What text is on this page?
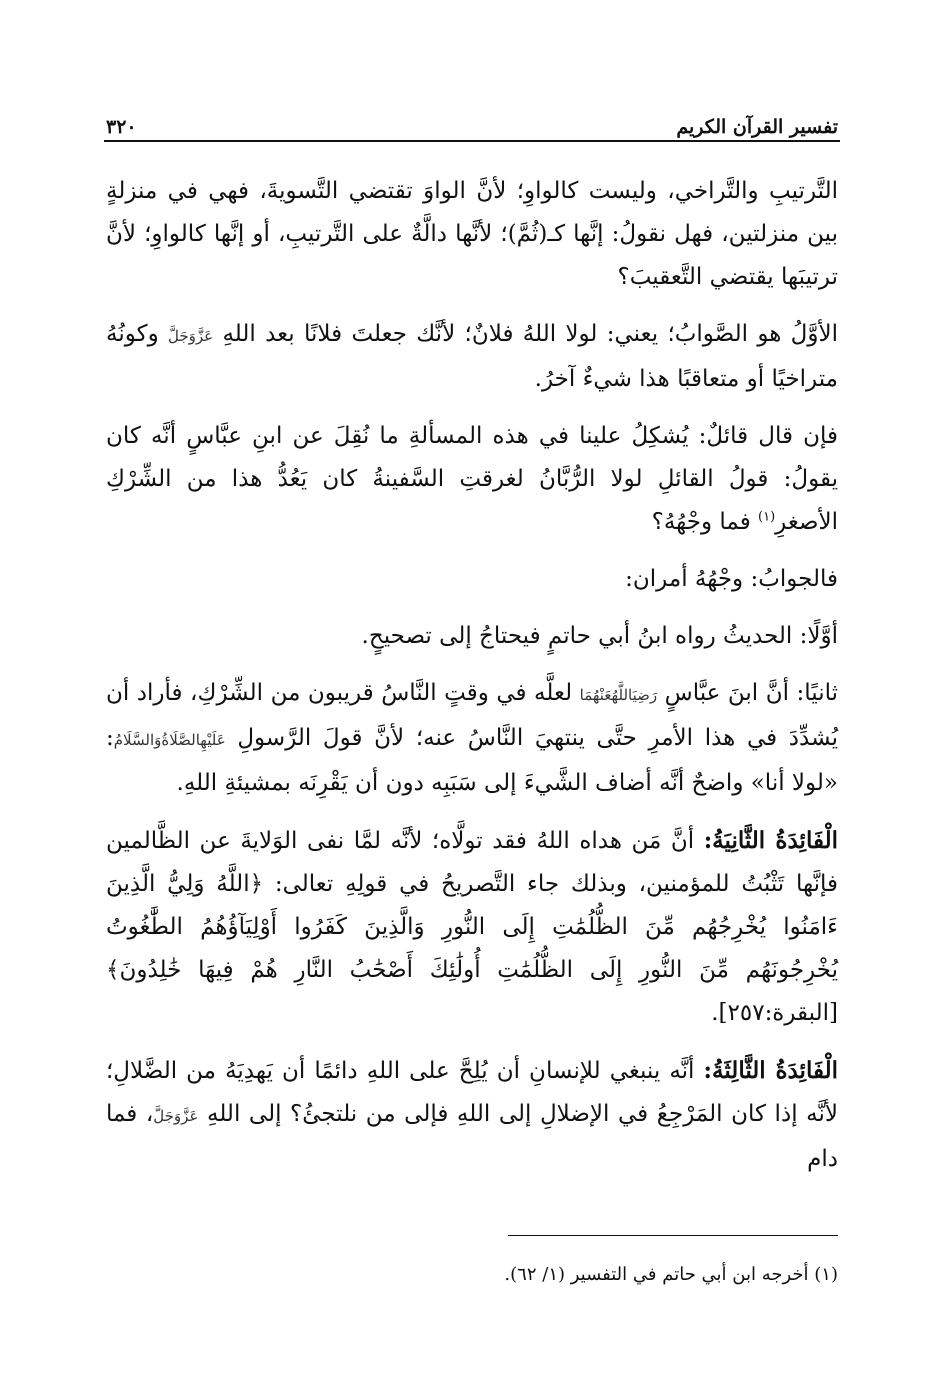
تفسير القرآن الكريم
٣٢٠

التَّرتيبِ والتَّراخي، وليست كالواوِ؛ لأنَّ الواوَ تقتضي التَّسويةَ، فهي في منزلةٍ بين منزلتين، فهل نقولُ: إنَّها كـ(ثُمَّ)؛ لأنَّها دالَّةٌ على التَّرتيبِ، أو إنَّها كالواوِ؛ لأنَّ ترتيبَها يقتضي التَّعقيبَ؟

الأوَّلُ هو الصَّوابُ؛ يعني: لولا اللهُ فلانٌ؛ لأنَّك جعلتَ فلانًا بعد اللهِ عَزَّوَجَلَّ وكونُهُ متراخيًا أو متعاقبًا هذا شيءٌ آخرُ.

فإن قال قائلٌ: يُشكِلُ علينا في هذه المسألةِ ما نُقِلَ عن ابنِ عبَّاسٍ أنَّه كان يقولُ: قولُ القائلِ لولا الرُّبَّانُ لغرقتِ السَّفينةُ كان يَعُدُّ هذا من الشِّرْكِ الأصغرِ$^{(١)}$ فما وجْهُهُ؟

فالجوابُ: وجْهُهُ أمران:

أوَّلًا: الحديثُ رواه ابنُ أبي حاتمٍ فيحتاجُ إلى تصحيحٍ.

ثانيًا: أنَّ ابنَ عبَّاسٍ رَضِيَاللَّهُعَنْهُمَا لعلَّه في وقتٍ النَّاسُ قريبون من الشِّرْكِ، فأراد أن يُشدِّدَ في هذا الأمرِ حتَّى ينتهيَ النَّاسُ عنه؛ لأنَّ قولَ الرَّسولِ عَلَيْهِالصَّلَاةُوَالسَّلَامُ: «لولا أنا» واضحٌ أنَّه أضاف الشَّيءَ إلى سَبَبِه دون أن يَقْرِنَه بمشيئةِ اللهِ.

الْفَائِدَةُ الثَّانِيَةُ: أنَّ مَن هداه اللهُ فقد تولَّاه؛ لأنَّه لمَّا نفى الوَلايةَ عن الظَّالمين فإنَّها تَثْبُتُ للمؤمنين، وبذلك جاء التَّصريحُ في قولِهِ تعالى: ﴿اللَّهُ وَلِيُّ الَّذِينَ ءَامَنُوا يُخْرِجُهُم مِّنَ الظُّلُمَٰتِ إِلَى النُّورِ وَالَّذِينَ كَفَرُوا أَوْلِيَآؤُهُمُ الطَّٰغُوتُ يُخْرِجُونَهُم مِّنَ النُّورِ إِلَى الظُّلُمَٰتِ أُولَٰئِكَ أَصْحَٰبُ النَّارِ هُمْ فِيهَا خَٰلِدُونَ﴾ [البقرة:٢٥٧].

الْفَائِدَةُ الثَّالِثَةُ: أنَّه ينبغي للإنسانِ أن يُلِحَّ على اللهِ دائمًا أن يَهدِيَهُ من الضَّلالِ؛ لأنَّه إذا كان المَرْجِعُ في الإضلالِ إلى اللهِ فإلى من نلتجئُ؟ إلى اللهِ عَزَّوَجَلَّ، فما دام

(١) أخرجه ابن أبي حاتم في التفسير (١/ ٦٢).
